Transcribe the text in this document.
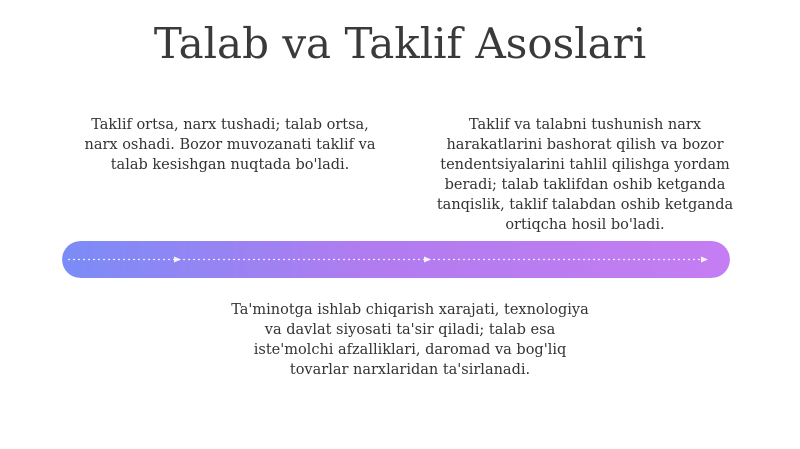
Talab va Taklif Asoslari

Taklif ortsa, narx tushadi; talab ortsa,
narx oshadi. Bozor muvozanati taklif va
talab kesishgan nuqtada bo'ladi.

Taklif va talabni tushunish narx
harakatlarini bashorat qilish va bozor
tendentsiyalarini tahlil qilishga yordam
beradi; talab taklifdan oshib ketganda
tanqislik, taklif talabdan oshib ketganda
ortiqcha hosil bo'ladi.

Ta'minotga ishlab chiqarish xarajati, texnologiya
va davlat siyosati ta'sir qiladi; talab esa
iste'molchi afzalliklari, daromad va bog'liq
tovarlar narxlaridan ta'sirlanadi.
